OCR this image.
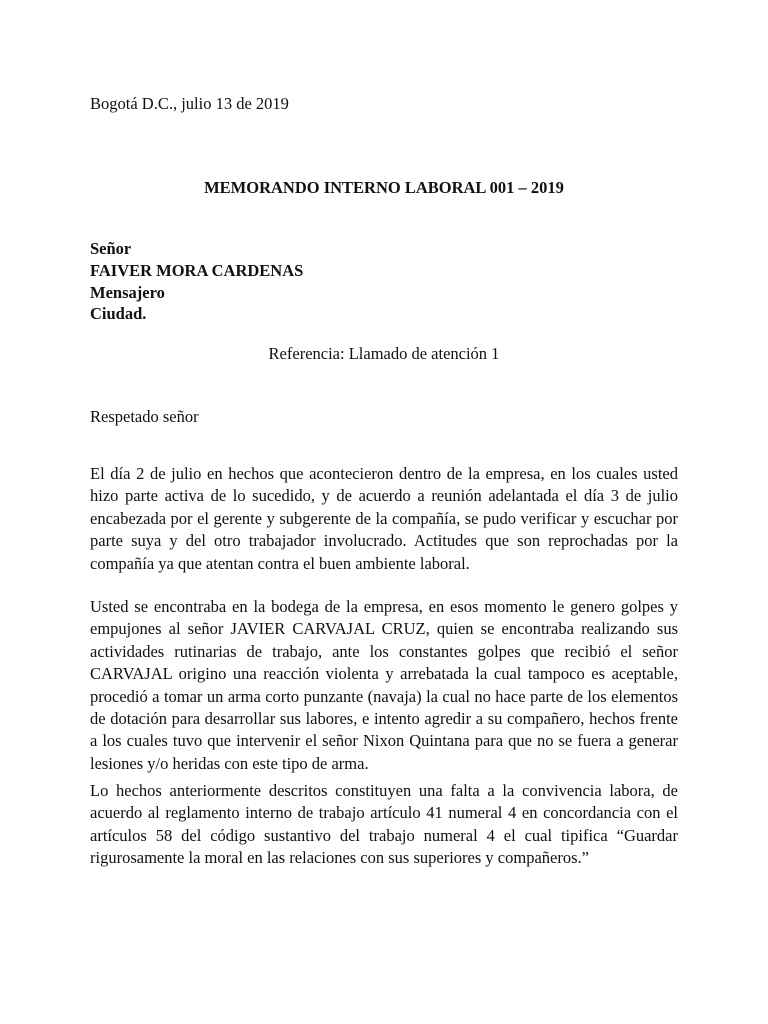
Bogotá D.C., julio 13 de 2019

MEMORANDO INTERNO LABORAL 001 – 2019

Señor

FAIVER MORA CARDENAS

Mensajero

Ciudad.

Referencia: Llamado de atención 1

Respetado señor

El día 2 de julio en hechos que acontecieron dentro de la empresa, en los cuales usted hizo parte activa de lo sucedido, y de acuerdo a reunión adelantada el día 3 de julio encabezada por el gerente y subgerente de la compañía, se pudo verificar y escuchar por parte suya y del otro trabajador involucrado. Actitudes que son reprochadas por la compañía ya que atentan contra el buen ambiente laboral.

Usted se encontraba en la bodega de la empresa, en esos momento le genero golpes y empujones al señor JAVIER CARVAJAL CRUZ, quien se encontraba realizando sus actividades rutinarias de trabajo, ante los constantes golpes que recibió el señor CARVAJAL origino una reacción violenta y arrebatada la cual tampoco es aceptable, procedió a tomar un arma corto punzante (navaja) la cual no hace parte de los elementos de dotación para desarrollar sus labores, e intento agredir a su compañero, hechos frente a los cuales tuvo que intervenir el señor Nixon Quintana para que no se fuera a generar lesiones y/o heridas con este tipo de arma.

Lo hechos anteriormente descritos constituyen una falta a la convivencia labora, de acuerdo al reglamento interno de trabajo artículo 41 numeral 4 en concordancia con el artículos 58 del código sustantivo del trabajo numeral 4 el cual tipifica “Guardar rigurosamente la moral en las relaciones con sus superiores y compañeros.”
